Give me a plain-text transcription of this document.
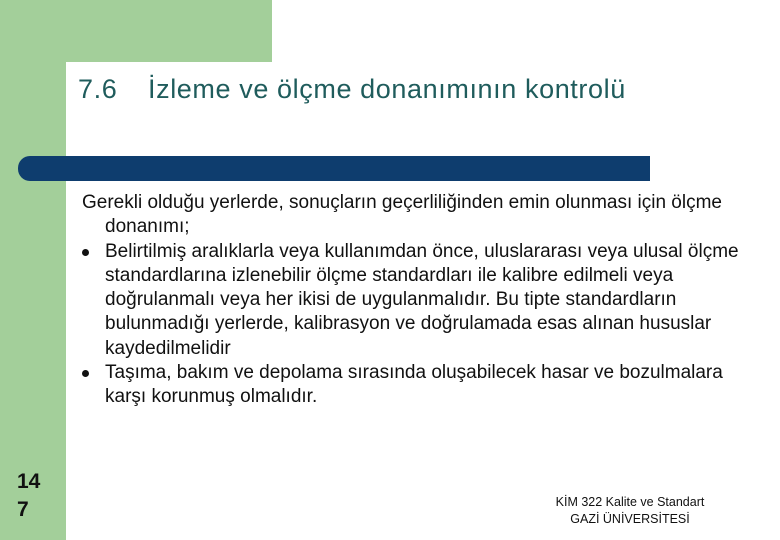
7.6 İzleme ve ölçme donanımının kontrolü

Gerekli olduğu yerlerde, sonuçların geçerliliğinden emin olunması için ölçme donanımı;

Belirtilmiş aralıklarla veya kullanımdan önce, uluslararası veya ulusal ölçme standardlarına izlenebilir ölçme standardları ile kalibre edilmeli veya doğrulanmalı veya her ikisi de uygulanmalıdır. Bu tipte standardların bulunmadığı yerlerde, kalibrasyon ve doğrulamada esas alınan hususlar kaydedilmelidir
Taşıma, bakım ve depolama sırasında oluşabilecek hasar ve bozulmalara karşı korunmuş olmalıdır.
14
7	KİM 322 Kalite ve Standart
GAZİ ÜNİVERSİTESİ
